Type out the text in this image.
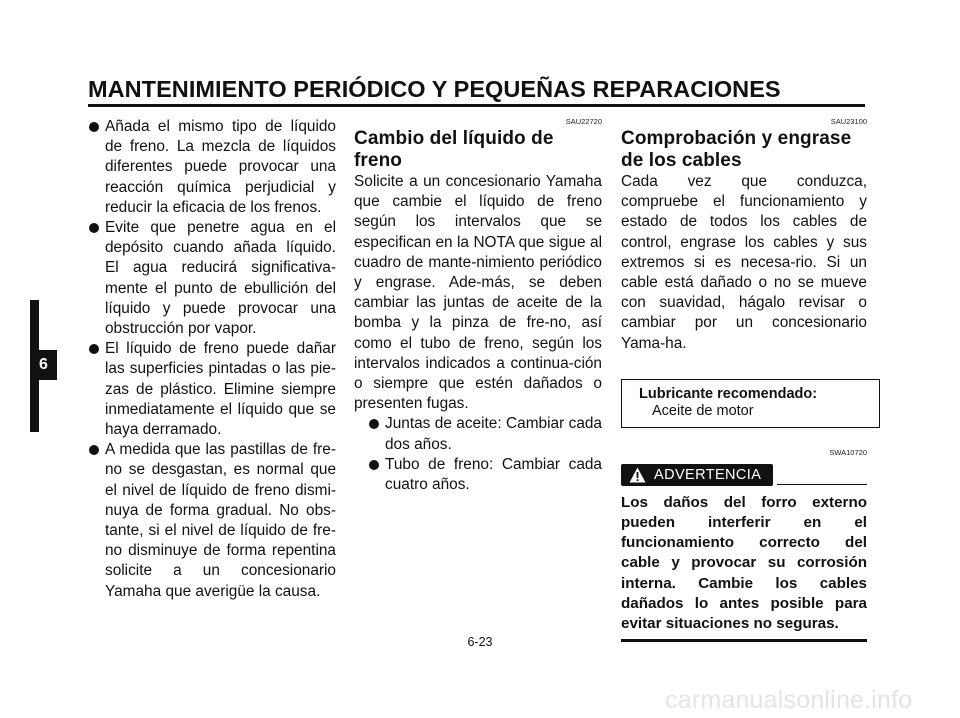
MANTENIMIENTO PERIÓDICO Y PEQUEÑAS REPARACIONES
6
Añada el mismo tipo de líquido de freno. La mezcla de líquidos diferentes puede provocar una reacción química perjudicial y reducir la eficacia de los frenos.
Evite que penetre agua en el depósito cuando añada líquido. El agua reducirá significativa-mente el punto de ebullición del líquido y puede provocar una obstrucción por vapor.
El líquido de freno puede dañar las superficies pintadas o las pie-zas de plástico. Elimine siempre inmediatamente el líquido que se haya derramado.
A medida que las pastillas de fre-no se desgastan, es normal que el nivel de líquido de freno dismi-nuya de forma gradual. No obs-tante, si el nivel de líquido de fre-no disminuye de forma repentina solicite a un concesionario Yamaha que averigüe la causa.
SAU22720
Cambio del líquido de freno
Solicite a un concesionario Yamaha que cambie el líquido de freno según los intervalos que se especifican en la NOTA que sigue al cuadro de mante-nimiento periódico y engrase. Ade-más, se deben cambiar las juntas de aceite de la bomba y la pinza de fre-no, así como el tubo de freno, según los intervalos indicados a continua-ción o siempre que estén dañados o presenten fugas.
Juntas de aceite: Cambiar cada dos años.
Tubo de freno: Cambiar cada cuatro años.
SAU23100
Comprobación y engrase de los cables
Cada vez que conduzca, compruebe el funcionamiento y estado de todos los cables de control, engrase los cables y sus extremos si es necesa-rio. Si un cable está dañado o no se mueve con suavidad, hágalo revisar o cambiar por un concesionario Yama-ha.
Lubricante recomendado:
Aceite de motor
SWA10720
ADVERTENCIA
Los daños del forro externo pueden interferir en el funcionamiento correcto del cable y provocar su corrosión interna. Cambie los cables dañados lo antes posible para evitar situaciones no seguras.
6-23
carmanualsonline.info
